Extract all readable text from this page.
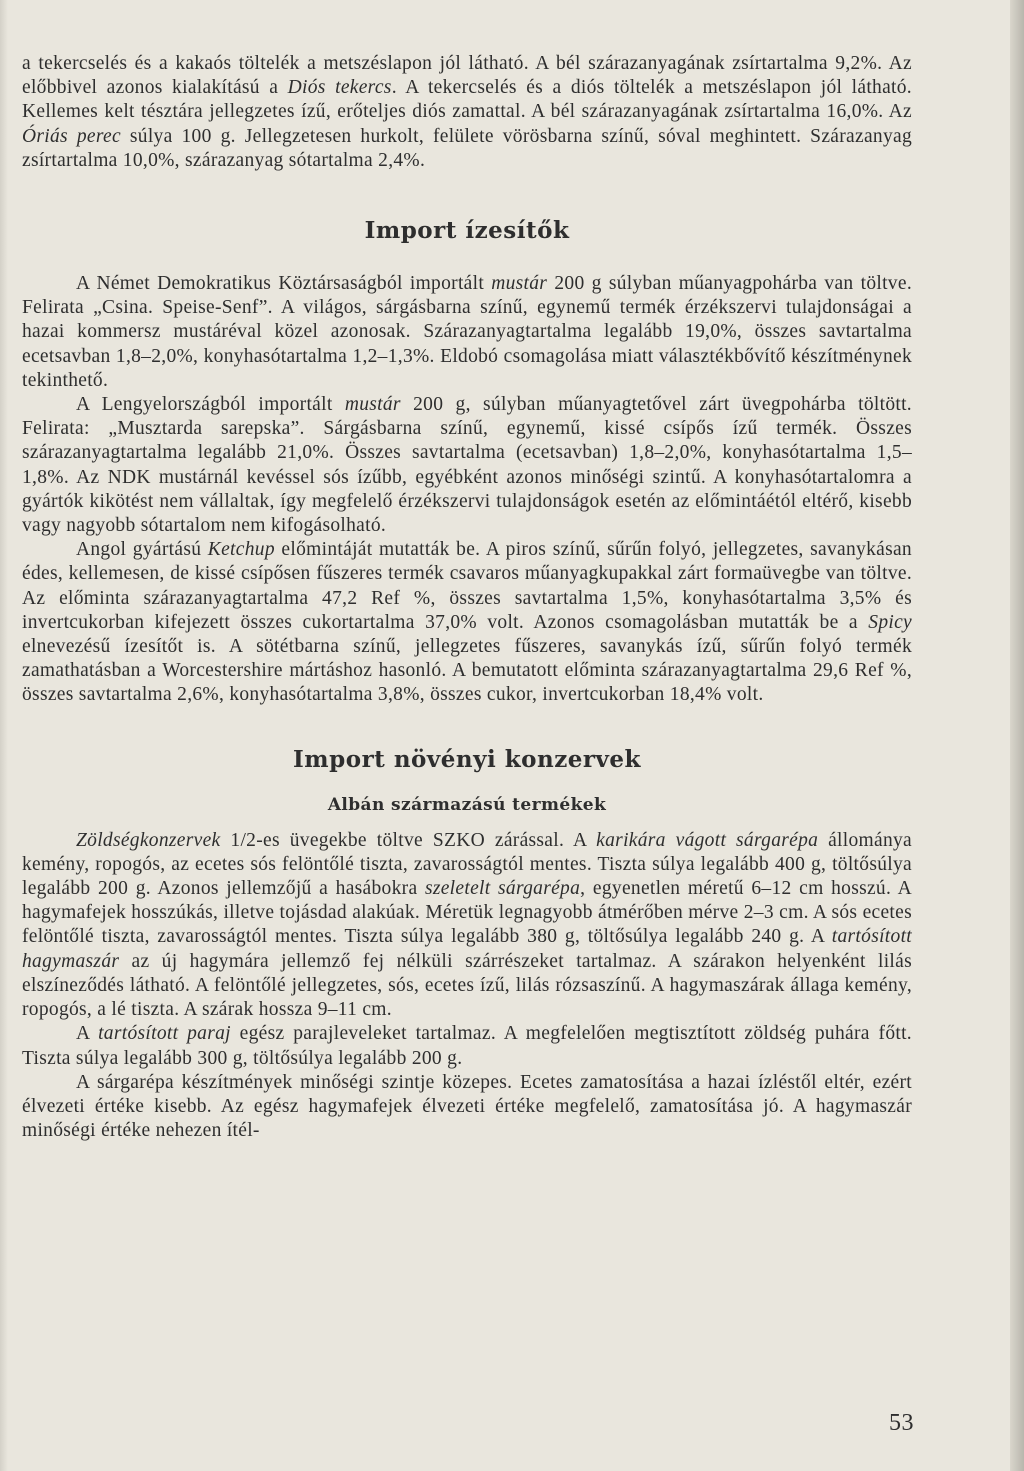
a tekercselés és a kakaós töltelék a metszéslapon jól látható. A bél szárazanyagának zsírtartalma 9,2%. Az előbbivel azonos kialakítású a Diós tekercs. A tekercselés és a diós töltelék a metszéslapon jól látható. Kellemes kelt tésztára jellegzetes ízű, erőteljes diós zamattal. A bél szárazanyagának zsírtartalma 16,0%. Az Óriás perec súlya 100 g. Jellegzetesen hurkolt, felülete vörösbarna színű, sóval meghintett. Szárazanyag zsírtartalma 10,0%, szárazanyag sótartalma 2,4%.

Import ízesítők

A Német Demokratikus Köztársaságból importált mustár 200 g súlyban műanyagpohárba van töltve. Felirata „Csina. Speise-Senf”. A világos, sárgásbarna színű, egynemű termék érzékszervi tulajdonságai a hazai kommersz mustáréval közel azonosak. Szárazanyagtartalma legalább 19,0%, összes savtartalma ecetsavban 1,8–2,0%, konyhasótartalma 1,2–1,3%. Eldobó csomagolása miatt választékbővítő készítménynek tekinthető.

A Lengyelországból importált mustár 200 g, súlyban műanyagtetővel zárt üvegpohárba töltött. Felirata: „Musztarda sarepska”. Sárgásbarna színű, egynemű, kissé csípős ízű termék. Összes szárazanyagtartalma legalább 21,0%. Összes savtartalma (ecetsavban) 1,8–2,0%, konyhasótartalma 1,5–1,8%. Az NDK mustárnál kevéssel sós ízűbb, egyébként azonos minőségi szintű. A konyhasótartalomra a gyártók kikötést nem vállaltak, így megfelelő érzékszervi tulajdonságok esetén az előmintáétól eltérő, kisebb vagy nagyobb sótartalom nem kifogásolható.

Angol gyártású Ketchup előmintáját mutatták be. A piros színű, sűrűn folyó, jellegzetes, savanykásan édes, kellemesen, de kissé csípősen fűszeres termék csavaros műanyagkupakkal zárt formaüvegbe van töltve. Az előminta szárazanyagtartalma 47,2 Ref %, összes savtartalma 1,5%, konyhasótartalma 3,5% és invertcukorban kifejezett összes cukortartalma 37,0% volt. Azonos csomagolásban mutatták be a Spicy elnevezésű ízesítőt is. A sötétbarna színű, jellegzetes fűszeres, savanykás ízű, sűrűn folyó termék zamathatásban a Worcestershire mártáshoz hasonló. A bemutatott előminta szárazanyagtartalma 29,6 Ref %, összes savtartalma 2,6%, konyhasótartalma 3,8%, összes cukor, invertcukorban 18,4% volt.

Import növényi konzervek
Albán származású termékek

Zöldségkonzervek 1/2-es üvegekbe töltve SZKO zárással. A karikára vágott sárgarépa állománya kemény, ropogós, az ecetes sós felöntőlé tiszta, zavarosságtól mentes. Tiszta súlya legalább 400 g, töltősúlya legalább 200 g. Azonos jellemzőjű a hasábokra szeletelt sárgarépa, egyenetlen méretű 6–12 cm hosszú. A hagymafejek hosszúkás, illetve tojásdad alakúak. Méretük legnagyobb átmérőben mérve 2–3 cm. A sós ecetes felöntőlé tiszta, zavarosságtól mentes. Tiszta súlya legalább 380 g, töltősúlya legalább 240 g. A tartósított hagymaszár az új hagymára jellemző fej nélküli szárrészeket tartalmaz. A szárakon helyenként lilás elszíneződés látható. A felöntőlé jellegzetes, sós, ecetes ízű, lilás rózsaszínű. A hagymaszárak állaga kemény, ropogós, a lé tiszta. A szárak hossza 9–11 cm.

A tartósított paraj egész parajleveleket tartalmaz. A megfelelően megtisztított zöldség puhára főtt. Tiszta súlya legalább 300 g, töltősúlya legalább 200 g.

A sárgarépa készítmények minőségi szintje közepes. Ecetes zamatosítása a hazai ízléstől eltér, ezért élvezeti értéke kisebb. Az egész hagymafejek élvezeti értéke megfelelő, zamatosítása jó. A hagymaszár minőségi értéke nehezen ítél-

53
